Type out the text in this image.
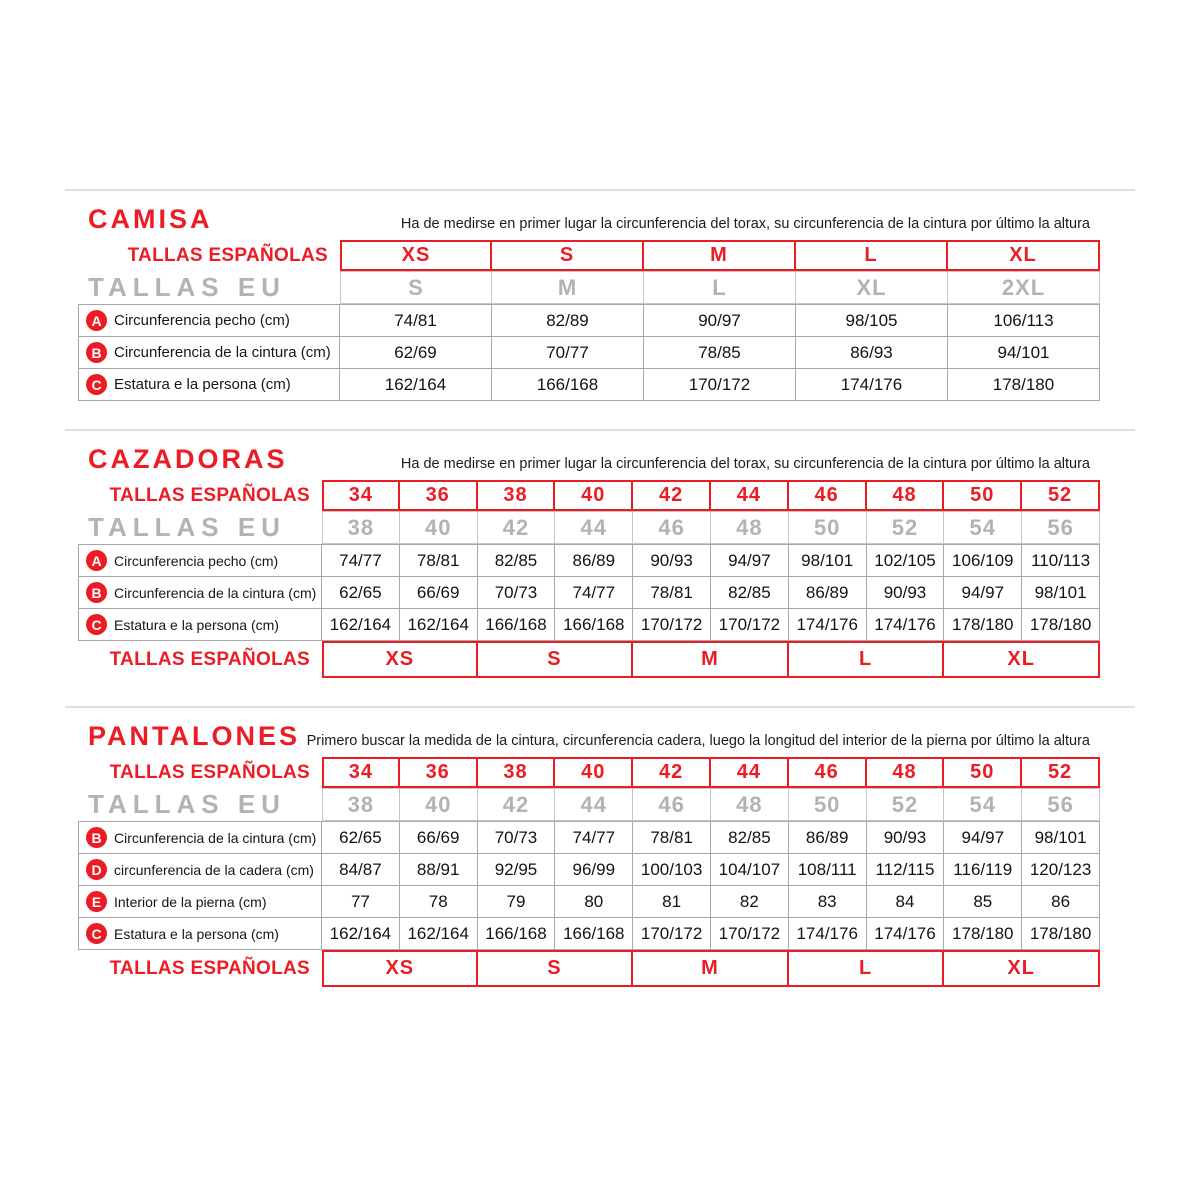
CAMISA	Ha de medirse en primer lugar la circunferencia del torax, su circunferencia de la cintura por último la altura

TALLAS ESPAÑOLAS	XS	S	M	L	XL
TALLAS EU	S	M	L	XL	2XL
A Circunferencia pecho (cm)	74/81	82/89	90/97	98/105	106/113
B Circunferencia de la cintura (cm)	62/69	70/77	78/85	86/93	94/101
C Estatura e la persona (cm)	162/164	166/168	170/172	174/176	178/180
CAZADORAS	Ha de medirse en primer lugar la circunferencia del torax, su circunferencia de la cintura por último la altura

TALLAS ESPAÑOLAS	34	36	38	40	42	44	46	48	50	52
TALLAS EU	38	40	42	44	46	48	50	52	54	56
A Circunferencia pecho (cm)	74/77	78/81	82/85	86/89	90/93	94/97	98/101	102/105 106/109	110/113
B Circunferencia de la cintura (cm)	62/65	66/69	70/73	74/77	78/81	82/85	86/89	90/93	94/97	98/101
C Estatura e la persona (cm)	162/164 162/164 166/168 166/168 170/172 170/172 174/176 174/176 178/180 178/180
TALLAS ESPAÑOLAS	XS	S	M	L	XL
PANTALONES Primero buscar la medida de la cintura, circunferencia cadera, luego la longitud del interior de la pierna por último la altura

TALLAS ESPAÑOLAS	34	36	38	40	42	44	46	48	50	52
TALLAS EU	38	40	42	44	46	48	50	52	54	56
B Circunferencia de la cintura (cm)	62/65	66/69	70/73	74/77	78/81	82/85	86/89	90/93	94/97	98/101
D circunferencia de la cadera (cm)	84/87	88/91	92/95	96/99	100/103 104/107	108/111	112/115	116/119	120/123
E Interior de la pierna (cm)	77	78	79	80	81	82	83	84	85	86
C Estatura e la persona (cm)	162/164 162/164 166/168 166/168 170/172 170/172 174/176 174/176 178/180 178/180
TALLAS ESPAÑOLAS	XS	S	M	L	XL
